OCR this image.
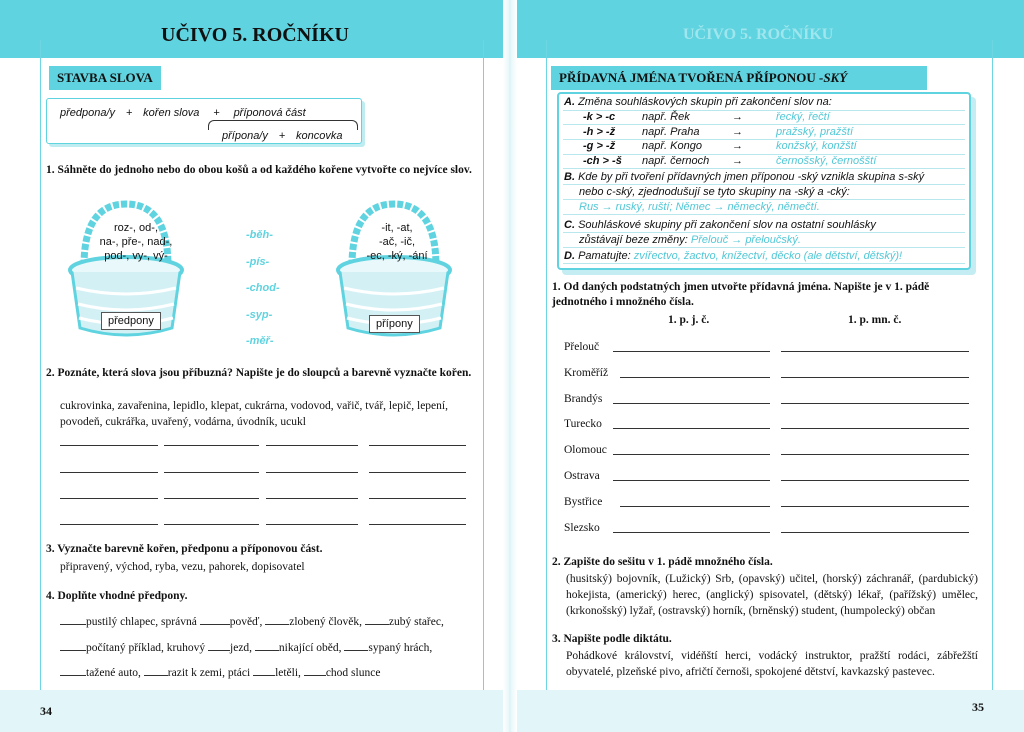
UČIVO 5. ROČNÍKU	UČIVO 5. ROČNÍKU
STAVBA SLOVA
předpona/y + kořen slova + příponová část
přípona/y + koncovka
1. Sáhněte do jednoho nebo do obou košů a od každého kořene vytvořte co nejvíce slov.
roz-, od-,
na-, pře-, nad-,
pod-, vy-, vý-
předpony
-it, -at,
-ač, -ič,
-ec, -ký, -ání
přípony
-běh-
-pís-
-chod-
-syp-
-měř-
2. Poznáte, která slova jsou příbuzná? Napište je do sloupců a barevně vyznačte kořen.
cukrovinka, zavařenina, lepidlo, klepat, cukrárna, vodovod, vařič, tvář, lepič, lepení, povodeň, cukrářka, uvařený, vodárna, úvodník, ucukl
3. Vyznačte barevně kořen, předponu a příponovou část.
připravený, východ, ryba, vezu, pahorek, dopisovatel
4. Doplňte vhodné předpony.
pustilý chlapec, správná	pověď, zlobený člověk, zubý stařec,
počítaný příklad, kruhový jezd, nikající oběd, sypaný hrách,
tažené auto, razit k zemi, ptáci letěli, chod slunce
34
PŘÍDAVNÁ JMÉNA TVOŘENÁ PŘÍPONOU -SKÝ
A. Změna souhláskových skupin při zakončení slov na:
-k > -c např. Řek	→	řecký, řečtí
-h > -ž např. Praha	→	pražský, pražští
-g > -ž např. Kongo	→	konžský, konžští
-ch > -š např. černoch →	černošský, černošští
B. Kde by při tvoření přídavných jmen příponou -ský vznikla skupina s-ský
nebo c-ský, zjednodušují se tyto skupiny na -ský a -cký:
Rus → ruský, ruští; Němec → německý, němečtí.
C. Souhláskové skupiny při zakončení slov na ostatní souhlásky
zůstávají beze změny: Přelouč → přeloučský.
D. Pamatujte: zvířectvo, žactvo, knížectví, děcko (ale dětství, dětský)!
1. Od daných podstatných jmen utvořte přídavná jména. Napište je v 1. pádě jednotného i množného čísla.
1. p. j. č.	1. p. mn. č.
Přelouč
Kroměříž
Brandýs
Turecko
Olomouc
Ostrava
Bystřice
Slezsko
2. Zapište do sešitu v 1. pádě množného čísla.
(husitský) bojovník, (Lužický) Srb, (opavský) učitel, (horský) záchranář, (pardubický) hokejista, (americký) herec, (anglický) spisovatel, (dětský) lékař, (pařížský) umělec, (krkonošský) lyžař, (ostravský) horník, (brněnský) student, (humpolecký) občan
3. Napište podle diktátu.
Pohádkové království, vidéňští herci, vodácký instruktor, pražští rodáci, zábřežští obyvatelé, plzeňské pivo, afričtí černoši, spokojené dětství, kavkazský pastevec.
35
